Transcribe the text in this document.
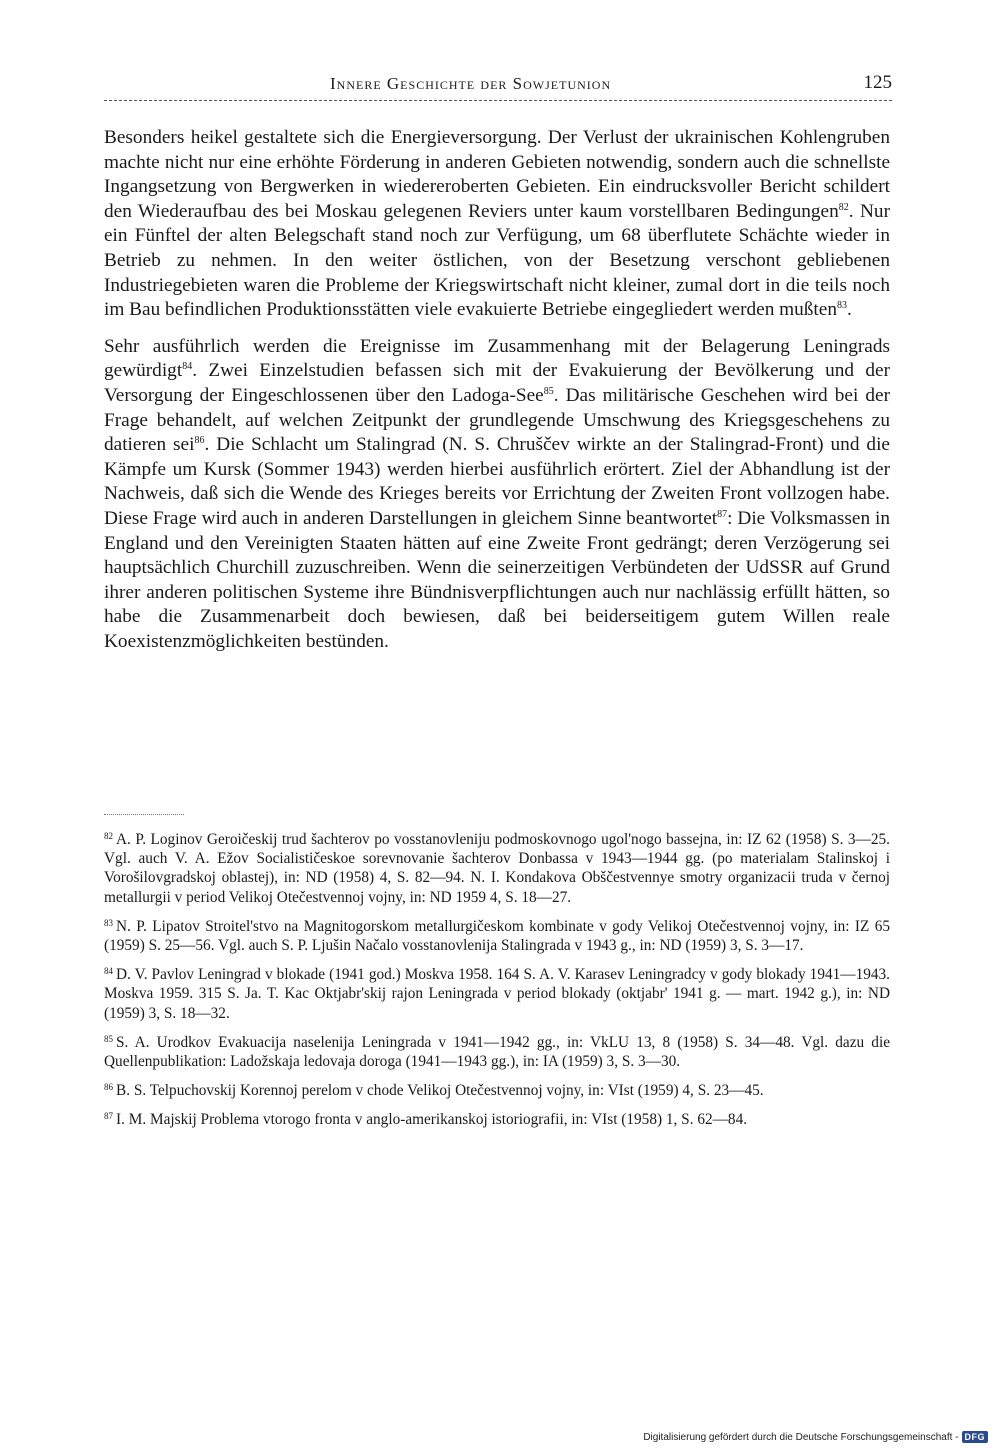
Innere Geschichte der Sowjetunion	125

Besonders heikel gestaltete sich die Energieversorgung. Der Verlust der ukrainischen Kohlengruben machte nicht nur eine erhöhte Förderung in anderen Gebieten notwendig, sondern auch die schnellste Ingangsetzung von Bergwerken in wiedereroberten Gebieten. Ein eindrucksvoller Bericht schildert den Wiederaufbau des bei Moskau gelegenen Reviers unter kaum vorstellbaren Bedingungen$^{82}$. Nur ein Fünftel der alten Belegschaft stand noch zur Verfügung, um 68 überflutete Schächte wieder in Betrieb zu nehmen. In den weiter östlichen, von der Besetzung verschont gebliebenen Industriegebieten waren die Probleme der Kriegswirtschaft nicht kleiner, zumal dort in die teils noch im Bau befindlichen Produktionsstätten viele evakuierte Betriebe eingegliedert werden mußten$^{83}$.

Sehr ausführlich werden die Ereignisse im Zusammenhang mit der Belagerung Leningrads gewürdigt$^{84}$. Zwei Einzelstudien befassen sich mit der Evakuierung der Bevölkerung und der Versorgung der Eingeschlossenen über den Ladoga-See$^{85}$. Das militärische Geschehen wird bei der Frage behandelt, auf welchen Zeitpunkt der grundlegende Umschwung des Kriegsgeschehens zu datieren sei$^{86}$. Die Schlacht um Stalingrad (N. S. Chruščev wirkte an der Stalingrad-Front) und die Kämpfe um Kursk (Sommer 1943) werden hierbei ausführlich erörtert. Ziel der Abhandlung ist der Nachweis, daß sich die Wende des Krieges bereits vor Errichtung der Zweiten Front vollzogen habe. Diese Frage wird auch in anderen Darstellungen in gleichem Sinne beantwortet$^{87}$: Die Volksmassen in England und den Vereinigten Staaten hätten auf eine Zweite Front gedrängt; deren Verzögerung sei hauptsächlich Churchill zuzuschreiben. Wenn die seinerzeitigen Verbündeten der UdSSR auf Grund ihrer anderen politischen Systeme ihre Bündnisverpflichtungen auch nur nachlässig erfüllt hätten, so habe die Zusammenarbeit doch bewiesen, daß bei beiderseitigem gutem Willen reale Koexistenzmöglichkeiten bestünden.

$^{82}$ A. P. Loginov Geroičeskij trud šachterov po vosstanovleniju podmoskovnogo ugol'nogo bassejna, in: IZ 62 (1958) S. 3—25. Vgl. auch V. A. Ežov Socialističeskoe sorevnovanie šachterov Donbassa v 1943—1944 gg. (po materialam Stalinskoj i Vorošilovgradskoj oblastej), in: ND (1958) 4, S. 82—94. N. I. Kondakova Obščestvennye smotry organizacii truda v černoj metallurgii v period Velikoj Otečestvennoj vojny, in: ND 1959 4, S. 18—27.

$^{83}$ N. P. Lipatov Stroitel'stvo na Magnitogorskom metallurgičeskom kombinate v gody Velikoj Otečestvennoj vojny, in: IZ 65 (1959) S. 25—56. Vgl. auch S. P. Ljušin Načalo vosstanovlenija Stalingrada v 1943 g., in: ND (1959) 3, S. 3—17.

$^{84}$ D. V. Pavlov Leningrad v blokade (1941 god.) Moskva 1958. 164 S. A. V. Karasev Leningradcy v gody blokady 1941—1943. Moskva 1959. 315 S. Ja. T. Kac Oktjabr'skij rajon Leningrada v period blokady (oktjabr' 1941 g. — mart. 1942 g.), in: ND (1959) 3, S. 18—32.

$^{85}$ S. A. Urodkov Evakuacija naselenija Leningrada v 1941—1942 gg., in: VkLU 13, 8 (1958) S. 34—48. Vgl. dazu die Quellenpublikation: Ladožskaja ledovaja doroga (1941—1943 gg.), in: IA (1959) 3, S. 3—30.

$^{86}$ B. S. Telpuchovskij Korennoj perelom v chode Velikoj Otečestvennoj vojny, in: VIst (1959) 4, S. 23—45.

$^{87}$ I. M. Majskij Problema vtorogo fronta v anglo-amerikanskoj istoriografii, in: VIst (1958) 1, S. 62—84.

Digitalisierung gefördert durch die Deutsche Forschungsgemeinschaft - DFG
